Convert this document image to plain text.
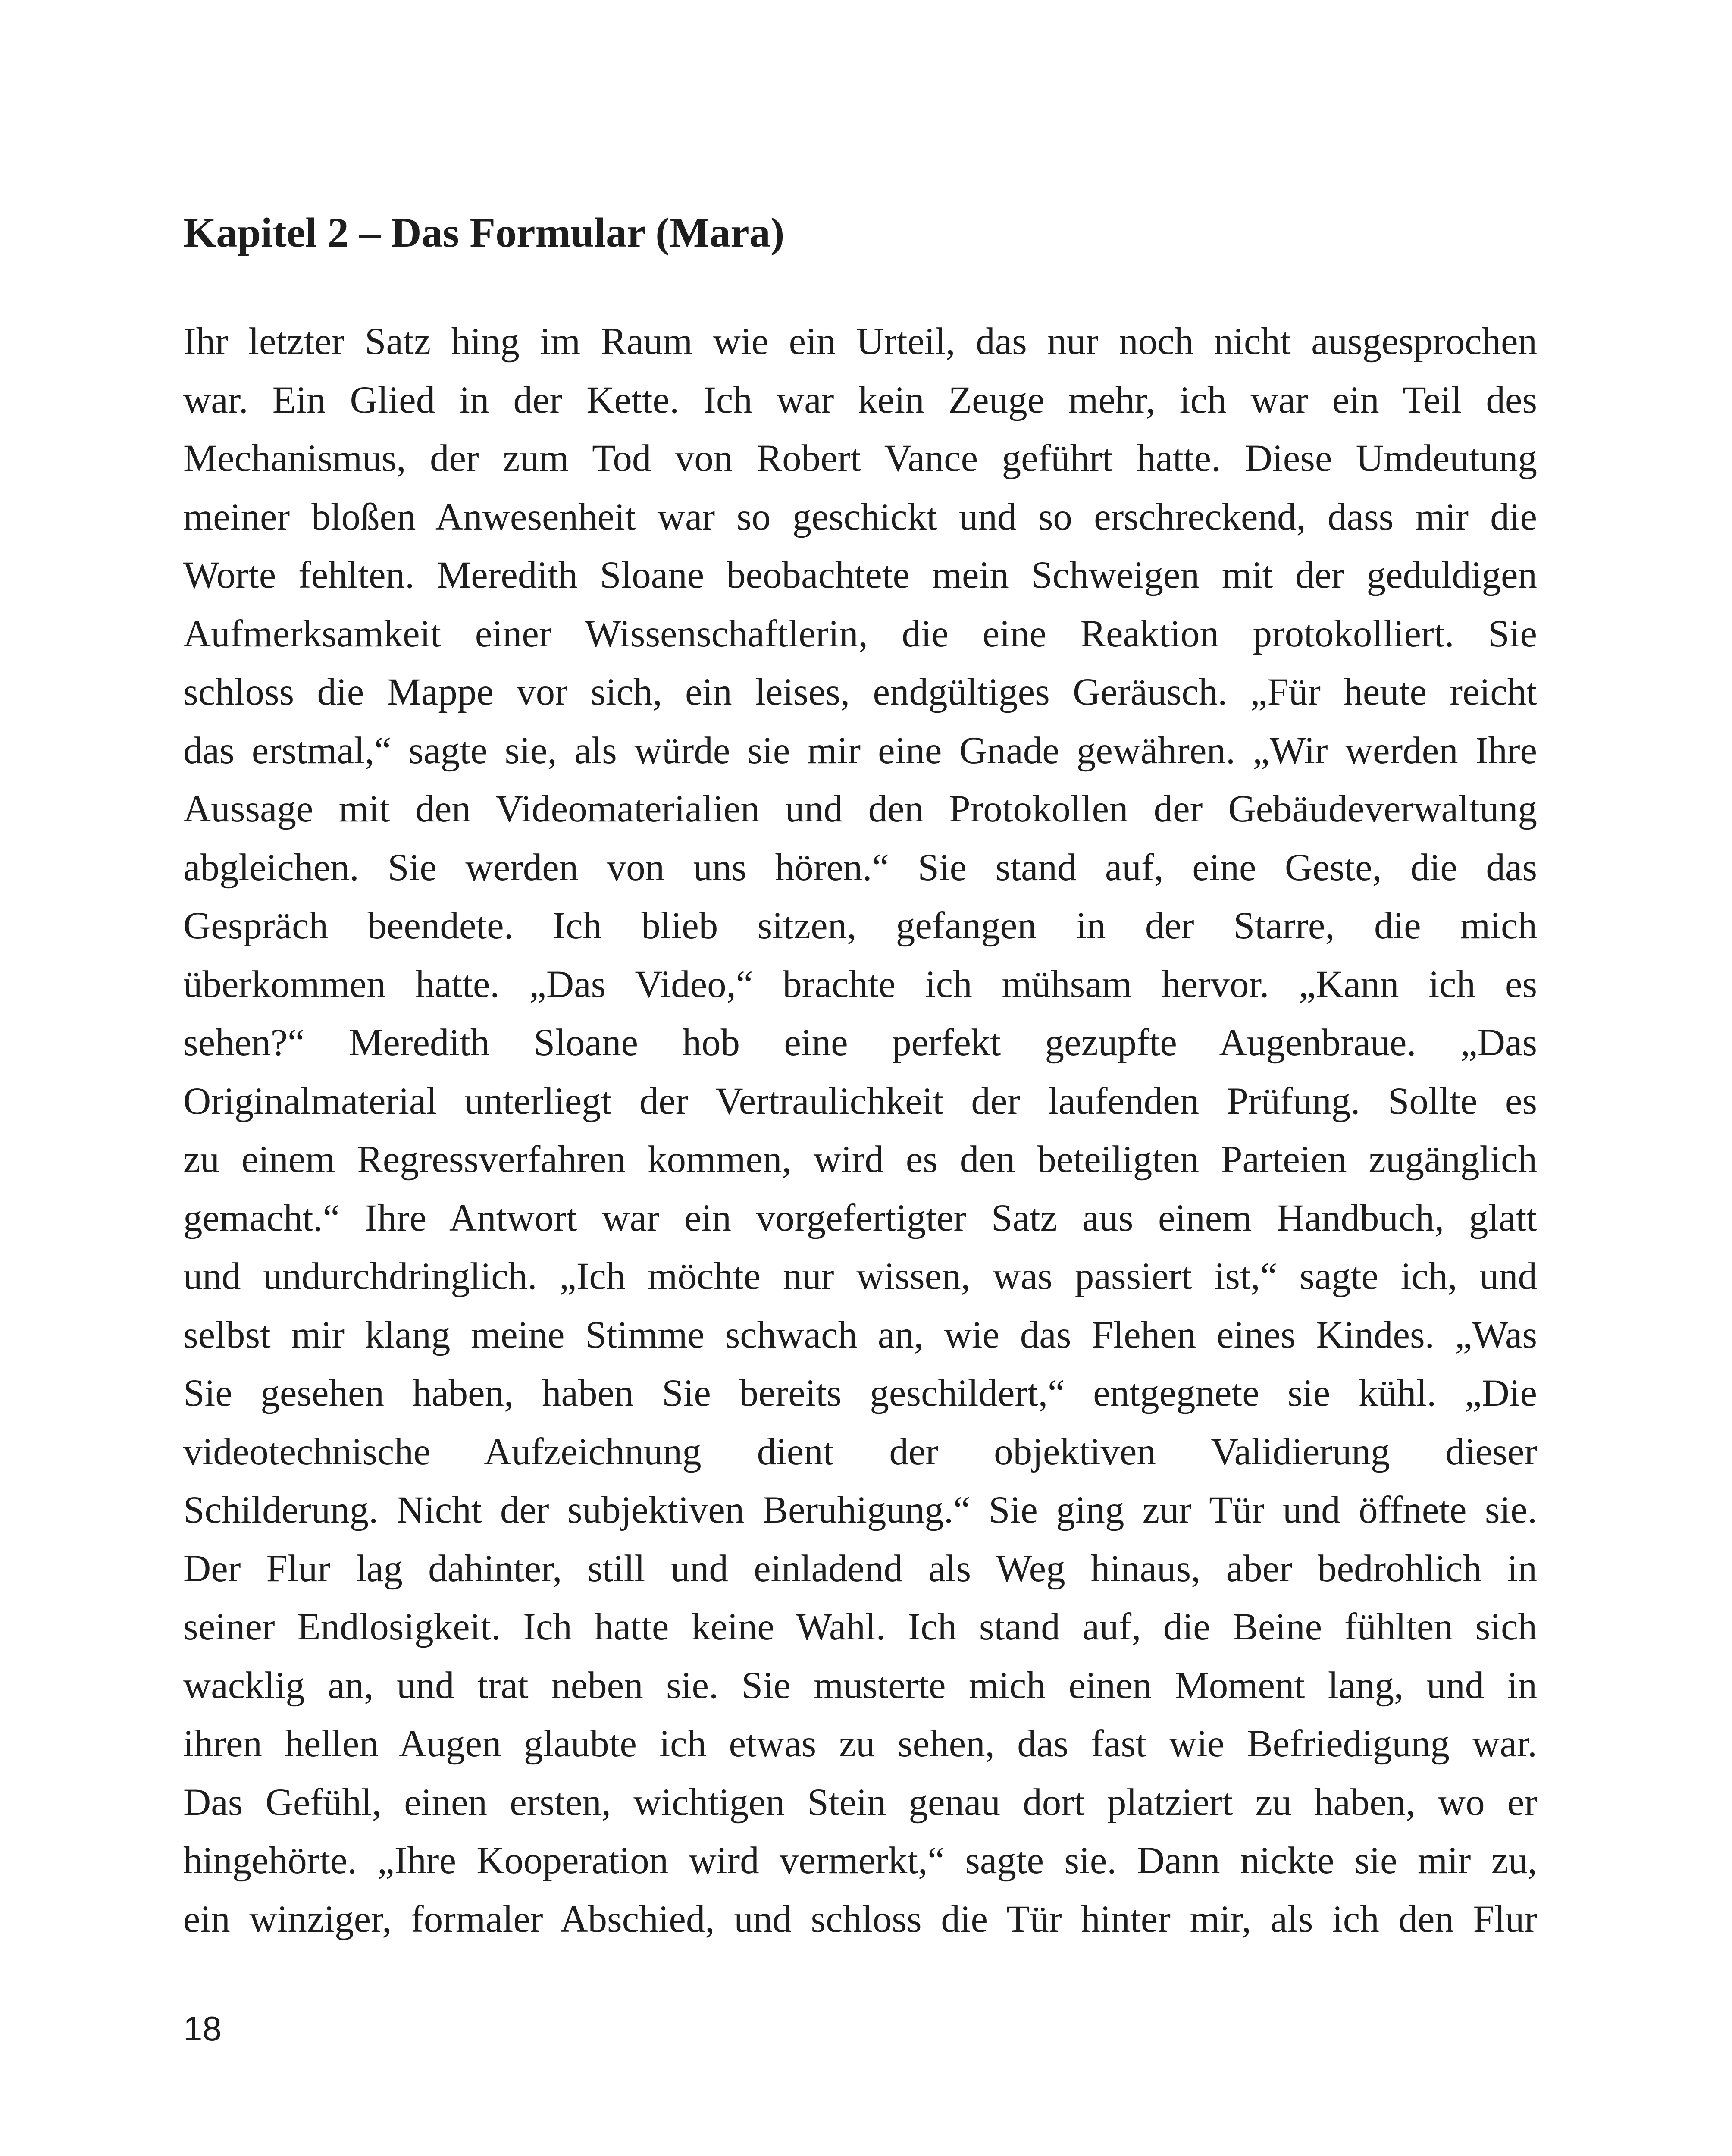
Kapitel 2 – Das Formular (Mara)
Ihr letzter Satz hing im Raum wie ein Urteil, das nur noch nicht ausgesprochen
war. Ein Glied in der Kette. Ich war kein Zeuge mehr, ich war ein Teil des
Mechanismus, der zum Tod von Robert Vance geführt hatte. Diese Umdeutung
meiner bloßen Anwesenheit war so geschickt und so erschreckend, dass mir die
Worte fehlten. Meredith Sloane beobachtete mein Schweigen mit der geduldigen
Aufmerksamkeit einer Wissenschaftlerin, die eine Reaktion protokolliert. Sie
schloss die Mappe vor sich, ein leises, endgültiges Geräusch. „Für heute reicht
das erstmal,“ sagte sie, als würde sie mir eine Gnade gewähren. „Wir werden Ihre
Aussage mit den Videomaterialien und den Protokollen der Gebäudeverwaltung
abgleichen. Sie werden von uns hören.“ Sie stand auf, eine Geste, die das
Gespräch beendete. Ich blieb sitzen, gefangen in der Starre, die mich
überkommen hatte. „Das Video,“ brachte ich mühsam hervor. „Kann ich es
sehen?“ Meredith Sloane hob eine perfekt gezupfte Augenbraue. „Das
Originalmaterial unterliegt der Vertraulichkeit der laufenden Prüfung. Sollte es
zu einem Regressverfahren kommen, wird es den beteiligten Parteien zugänglich
gemacht.“ Ihre Antwort war ein vorgefertigter Satz aus einem Handbuch, glatt
und undurchdringlich. „Ich möchte nur wissen, was passiert ist,“ sagte ich, und
selbst mir klang meine Stimme schwach an, wie das Flehen eines Kindes. „Was
Sie gesehen haben, haben Sie bereits geschildert,“ entgegnete sie kühl. „Die
videotechnische Aufzeichnung dient der objektiven Validierung dieser
Schilderung. Nicht der subjektiven Beruhigung.“ Sie ging zur Tür und öffnete sie.
Der Flur lag dahinter, still und einladend als Weg hinaus, aber bedrohlich in
seiner Endlosigkeit. Ich hatte keine Wahl. Ich stand auf, die Beine fühlten sich
wacklig an, und trat neben sie. Sie musterte mich einen Moment lang, und in
ihren hellen Augen glaubte ich etwas zu sehen, das fast wie Befriedigung war.
Das Gefühl, einen ersten, wichtigen Stein genau dort platziert zu haben, wo er
hingehörte. „Ihre Kooperation wird vermerkt,“ sagte sie. Dann nickte sie mir zu,
ein winziger, formaler Abschied, und schloss die Tür hinter mir, als ich den Flur
18
